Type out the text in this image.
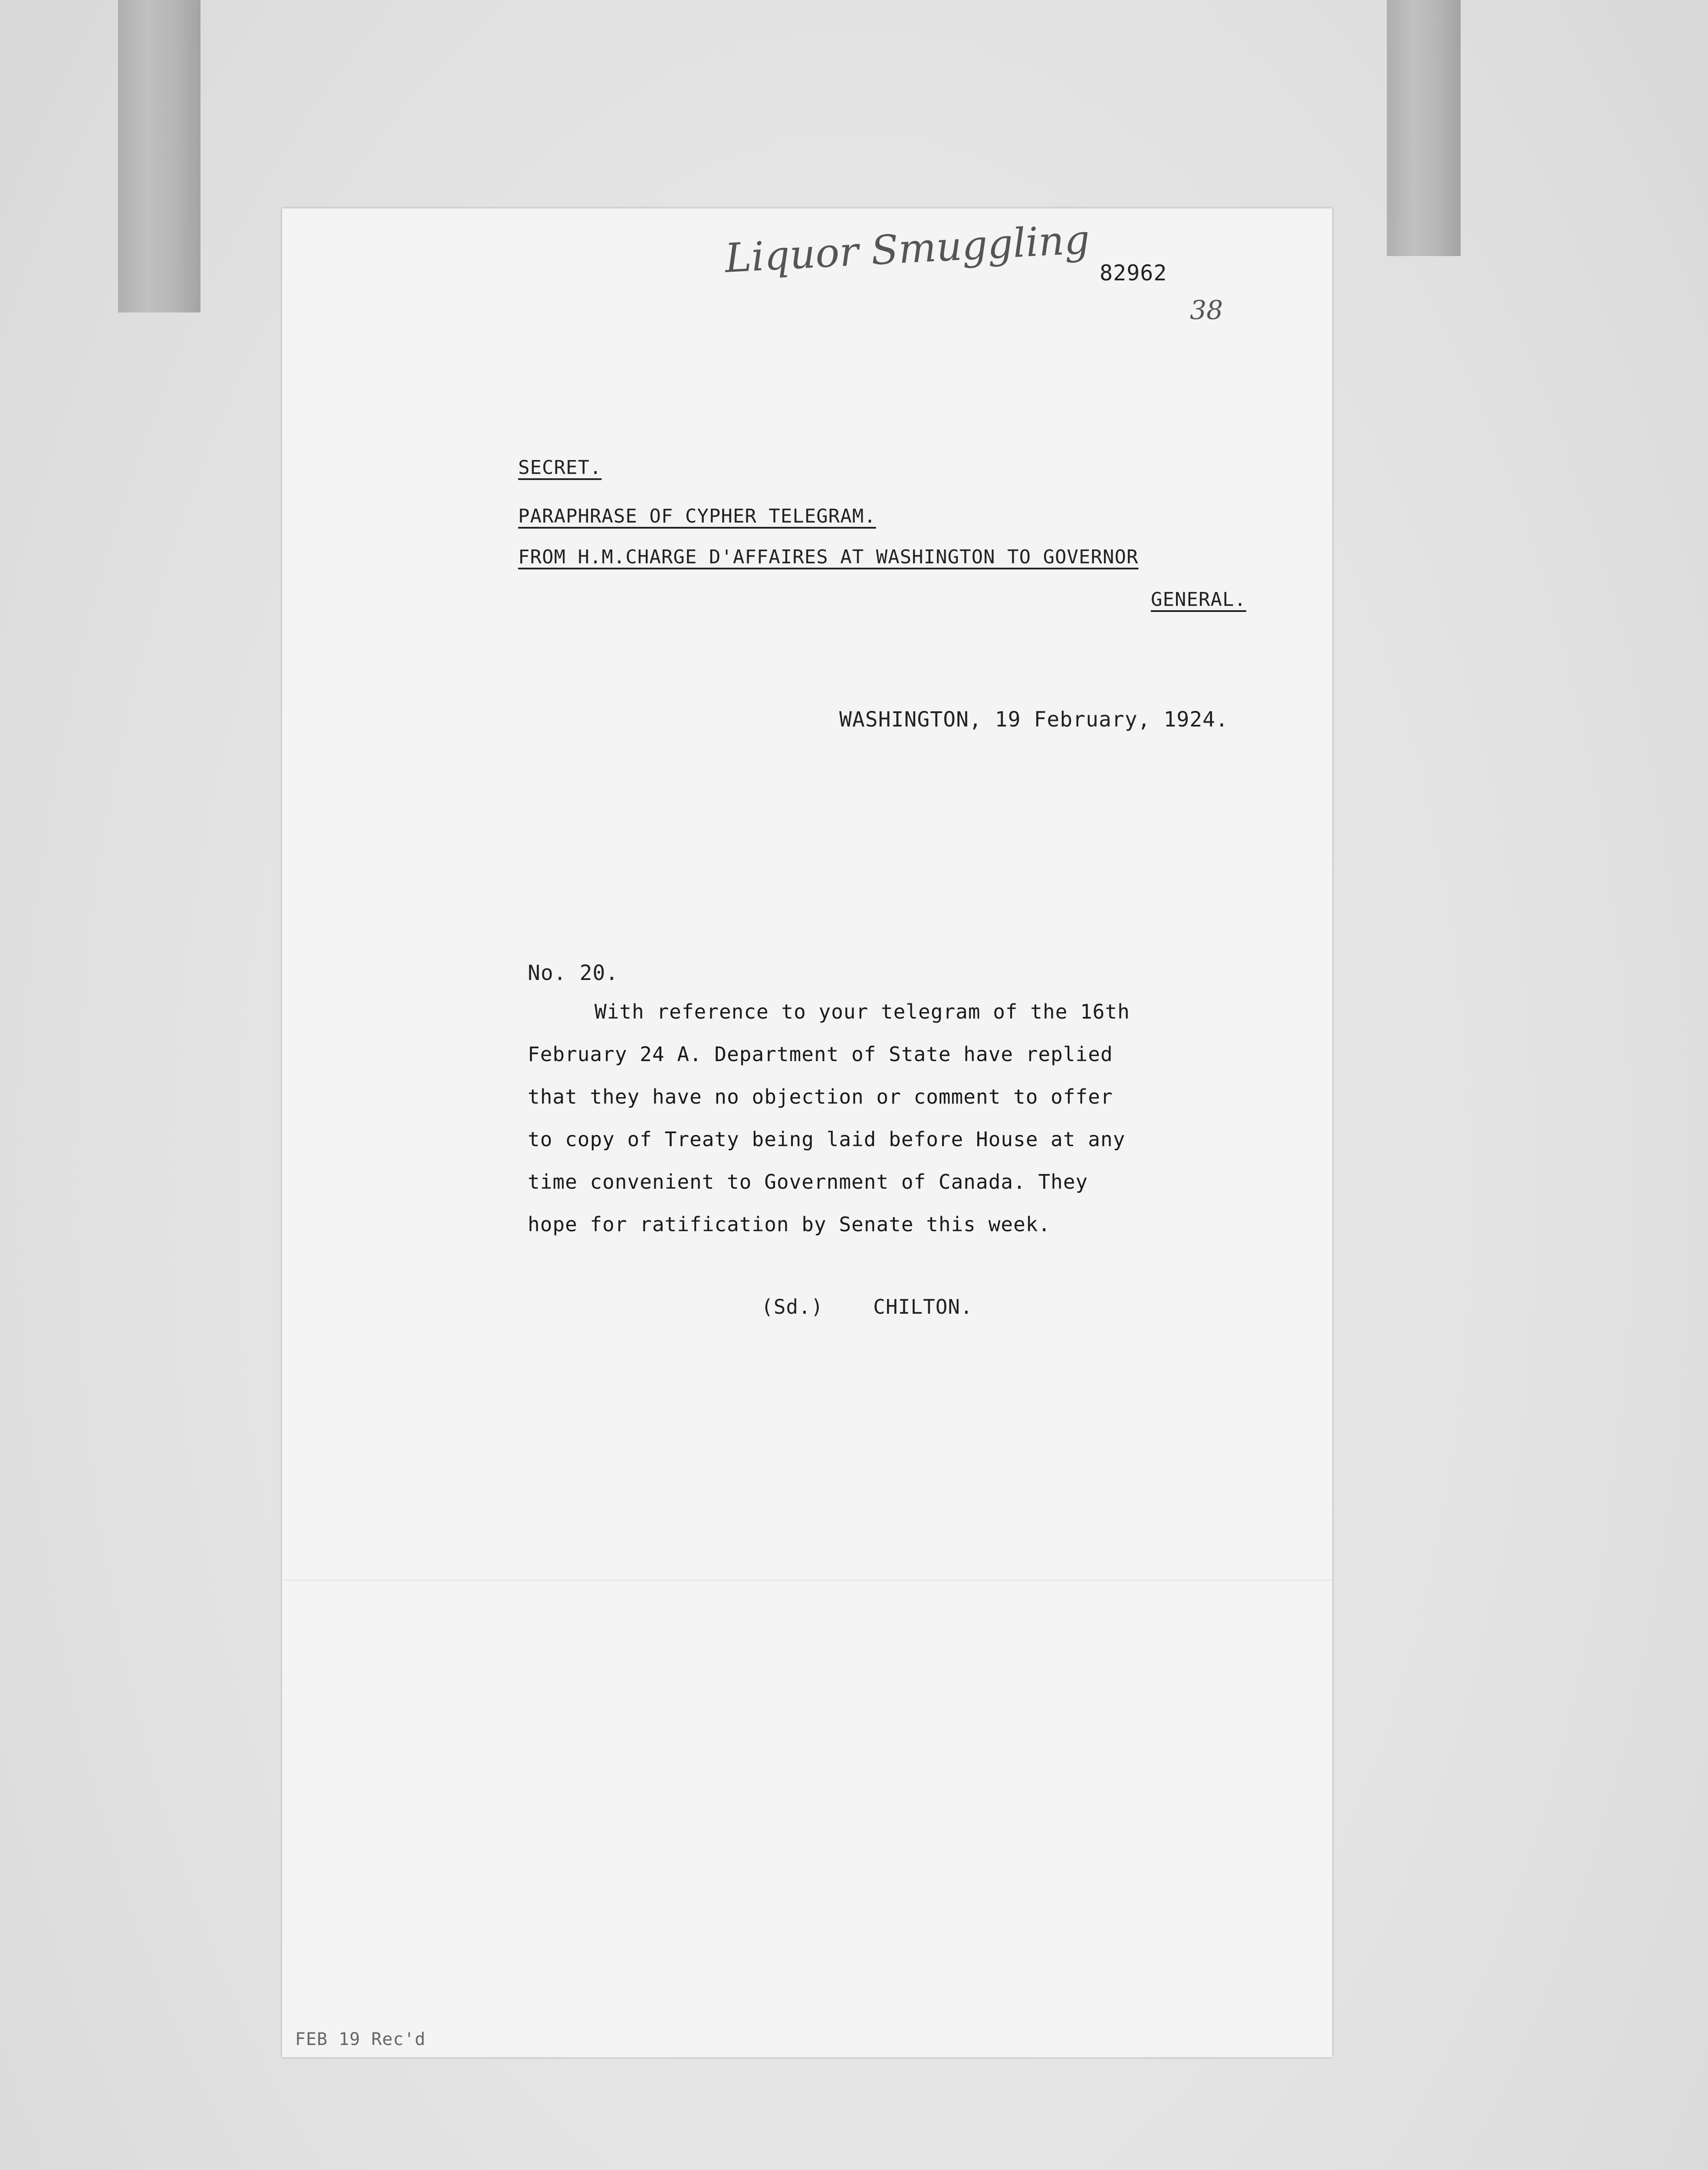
Liquor Smuggling 82962
38
SECRET.
PARAPHRASE OF CYPHER TELEGRAM.
FROM H.M.CHARGE D'AFFAIRES AT WASHINGTON TO GOVERNOR
GENERAL.
WASHINGTON, 19 February, 1924.
No. 20.
With reference to your telegram of the 16th
February 24 A. Department of State have replied
that they have no objection or comment to offer
to copy of Treaty being laid before House at any
time convenient to Government of Canada. They
hope for ratification by Senate this week.
(Sd.)    CHILTON.
FEB 19 Rec'd
